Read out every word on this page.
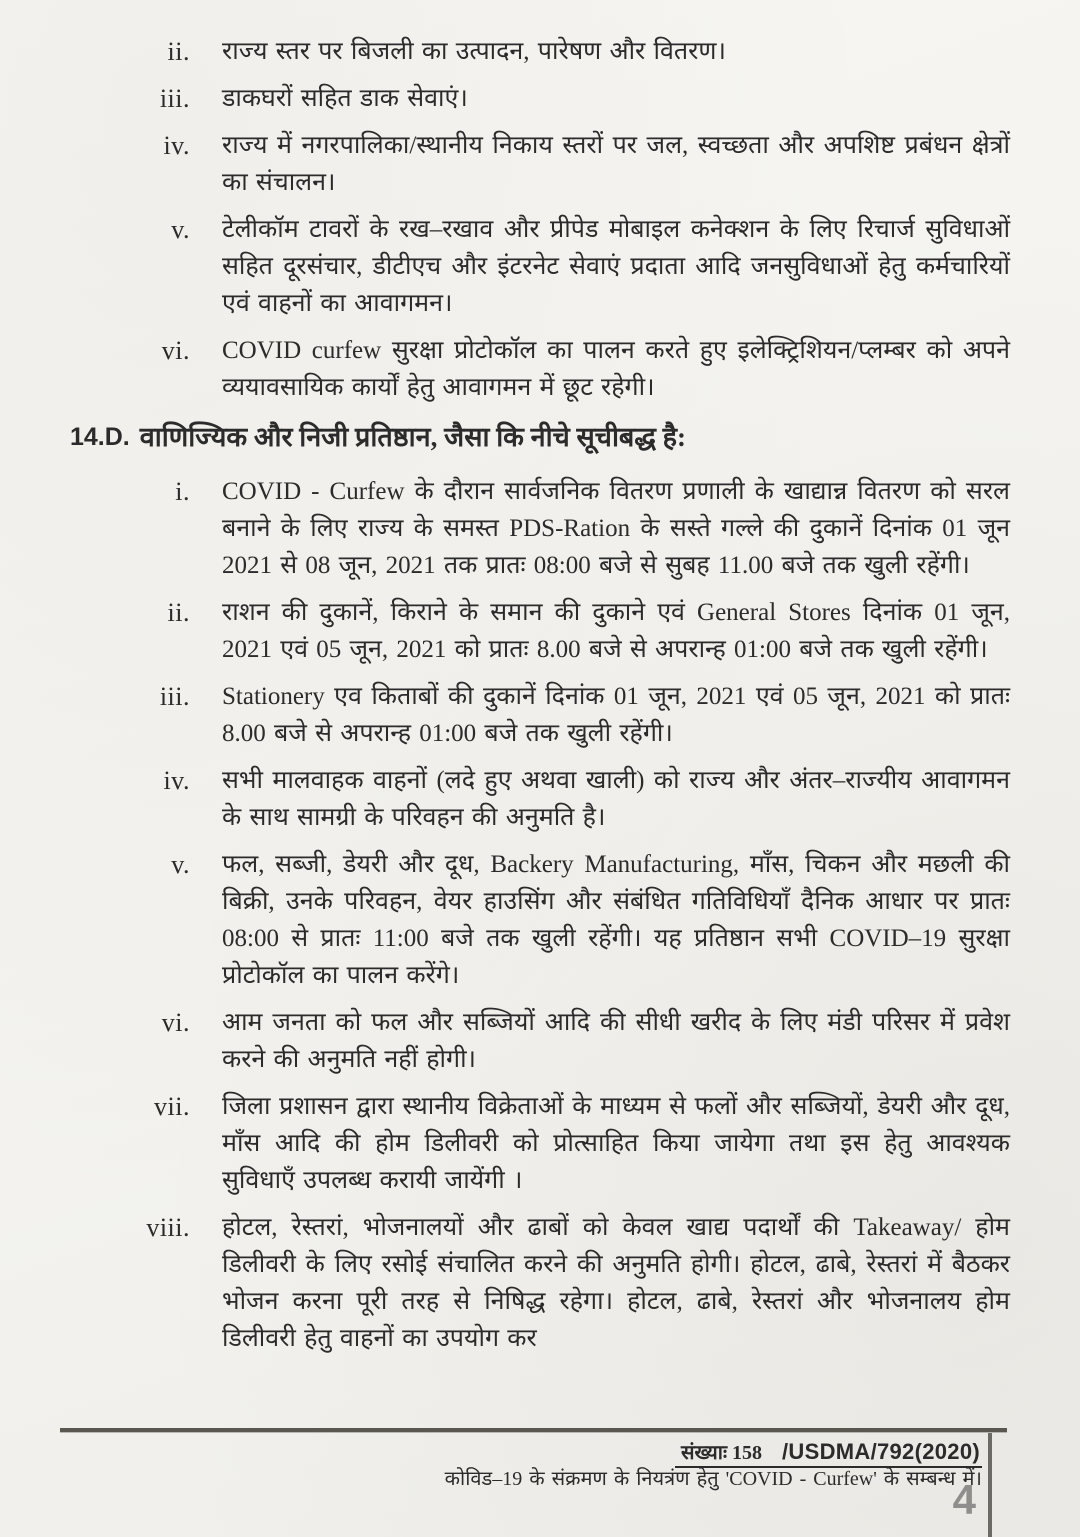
ii. राज्य स्तर पर बिजली का उत्पादन, पारेषण और वितरण।
iii. डाकघरों सहित डाक सेवाएं।
iv. राज्य में नगरपालिका/स्थानीय निकाय स्तरों पर जल, स्वच्छता और अपशिष्ट प्रबंधन क्षेत्रों का संचालन।
v. टेलीकॉम टावरों के रख–रखाव और प्रीपेड मोबाइल कनेक्शन के लिए रिचार्ज सुविधाओं सहित दूरसंचार, डीटीएच और इंटरनेट सेवाएं प्रदाता आदि जनसुविधाओं हेतु कर्मचारियों एवं वाहनों का आवागमन।
vi. COVID curfew सुरक्षा प्रोटोकॉल का पालन करते हुए इलेक्ट्रिशियन/प्लम्बर को अपने व्ययावसायिक कार्यों हेतु आवागमन में छूट रहेगी।
14.D. वाणिज्यिक और निजी प्रतिष्ठान, जैसा कि नीचे सूचीबद्ध है:
i. COVID - Curfew के दौरान सार्वजनिक वितरण प्रणाली के खाद्यान्न वितरण को सरल बनाने के लिए राज्य के समस्त PDS-Ration के सस्ते गल्ले की दुकानें दिनांक 01 जून 2021 से 08 जून, 2021 तक प्रातः 08:00 बजे से सुबह 11.00 बजे तक खुली रहेंगी।
ii. राशन की दुकानें, किराने के समान की दुकाने एवं General Stores दिनांक 01 जून, 2021 एवं 05 जून, 2021 को प्रातः 8.00 बजे से अपरान्ह 01:00 बजे तक खुली रहेंगी।
iii. Stationery एव किताबों की दुकानें दिनांक 01 जून, 2021 एवं 05 जून, 2021 को प्रातः 8.00 बजे से अपरान्ह 01:00 बजे तक खुली रहेंगी।
iv. सभी मालवाहक वाहनों (लदे हुए अथवा खाली) को राज्य और अंतर–राज्यीय आवागमन के साथ सामग्री के परिवहन की अनुमति है।
v. फल, सब्जी, डेयरी और दूध, Backery Manufacturing, माँस, चिकन और मछली की बिक्री, उनके परिवहन, वेयर हाउसिंग और संबंधित गतिविधियाँ दैनिक आधार पर प्रातः 08:00 से प्रातः 11:00 बजे तक खुली रहेंगी। यह प्रतिष्ठान सभी COVID–19 सुरक्षा प्रोटोकॉल का पालन करेंगे।
vi. आम जनता को फल और सब्जियों आदि की सीधी खरीद के लिए मंडी परिसर में प्रवेश करने की अनुमति नहीं होगी।
vii. जिला प्रशासन द्वारा स्थानीय विक्रेताओं के माध्यम से फलों और सब्जियों, डेयरी और दूध, माँस आदि की होम डिलीवरी को प्रोत्साहित किया जायेगा तथा इस हेतु आवश्यक सुविधाएँ उपलब्ध करायी जायेंगी ।
viii. होटल, रेस्तरां, भोजनालयों और ढाबों को केवल खाद्य पदार्थों की Takeaway/ होम डिलीवरी के लिए रसोई संचालित करने की अनुमति होगी। होटल, ढाबे, रेस्तरां में बैठकर भोजन करना पूरी तरह से निषिद्ध रहेगा। होटल, ढाबे, रेस्तरां और भोजनालय होम डिलीवरी हेतु वाहनों का उपयोग कर
संख्याः 158 /USDMA/792(2020)
कोविड–19 के संक्रमण के नियत्रंण हेतु 'COVID - Curfew' के सम्बन्ध में।
4
